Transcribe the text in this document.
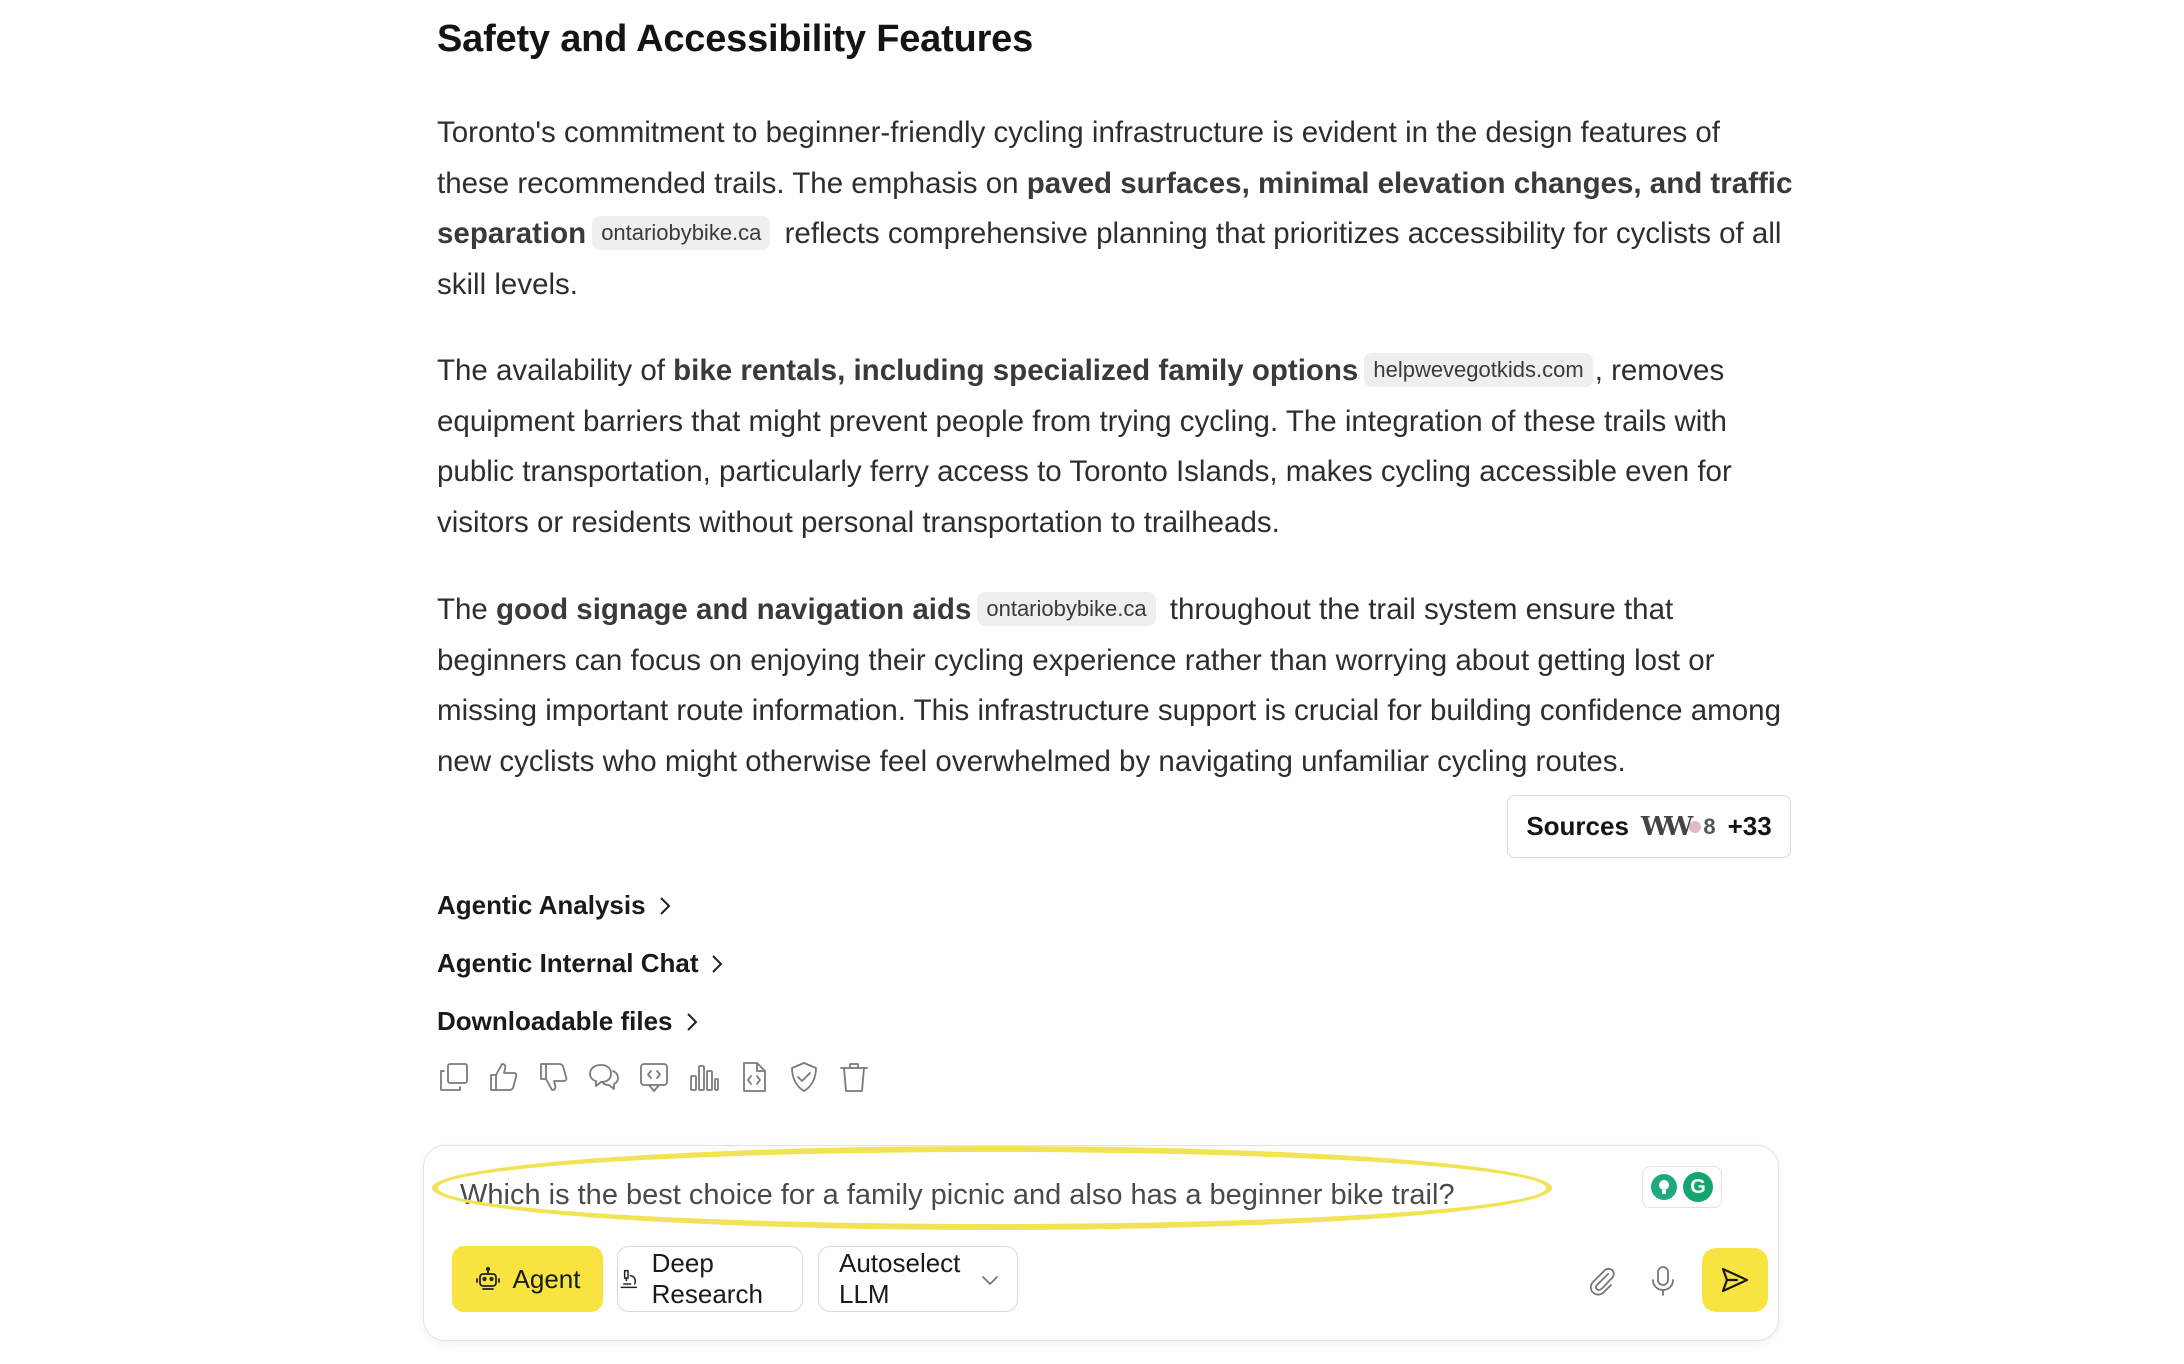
Safety and Accessibility Features

Toronto's commitment to beginner-friendly cycling infrastructure is evident in the design features of these recommended trails. The emphasis on paved surfaces, minimal elevation changes, and traffic separation ontariobybike.ca reflects comprehensive planning that prioritizes accessibility for cyclists of all skill levels.

The availability of bike rentals, including specialized family options helpwevegotkids.com , removes equipment barriers that might prevent people from trying cycling. The integration of these trails with public transportation, particularly ferry access to Toronto Islands, makes cycling accessible even for visitors or residents without personal transportation to trailheads.

The good signage and navigation aids ontariobybike.ca throughout the trail system ensure that beginners can focus on enjoying their cycling experience rather than worrying about getting lost or missing important route information. This infrastructure support is crucial for building confidence among new cyclists who might otherwise feel overwhelmed by navigating unfamiliar cycling routes.

Sources WW 8 +33
Agentic Analysis
Agentic Internal Chat
Downloadable files
Which is the best choice for a family picnic and also has a beginner bike trail?
G
Agent
Deep Research
Autoselect LLM
